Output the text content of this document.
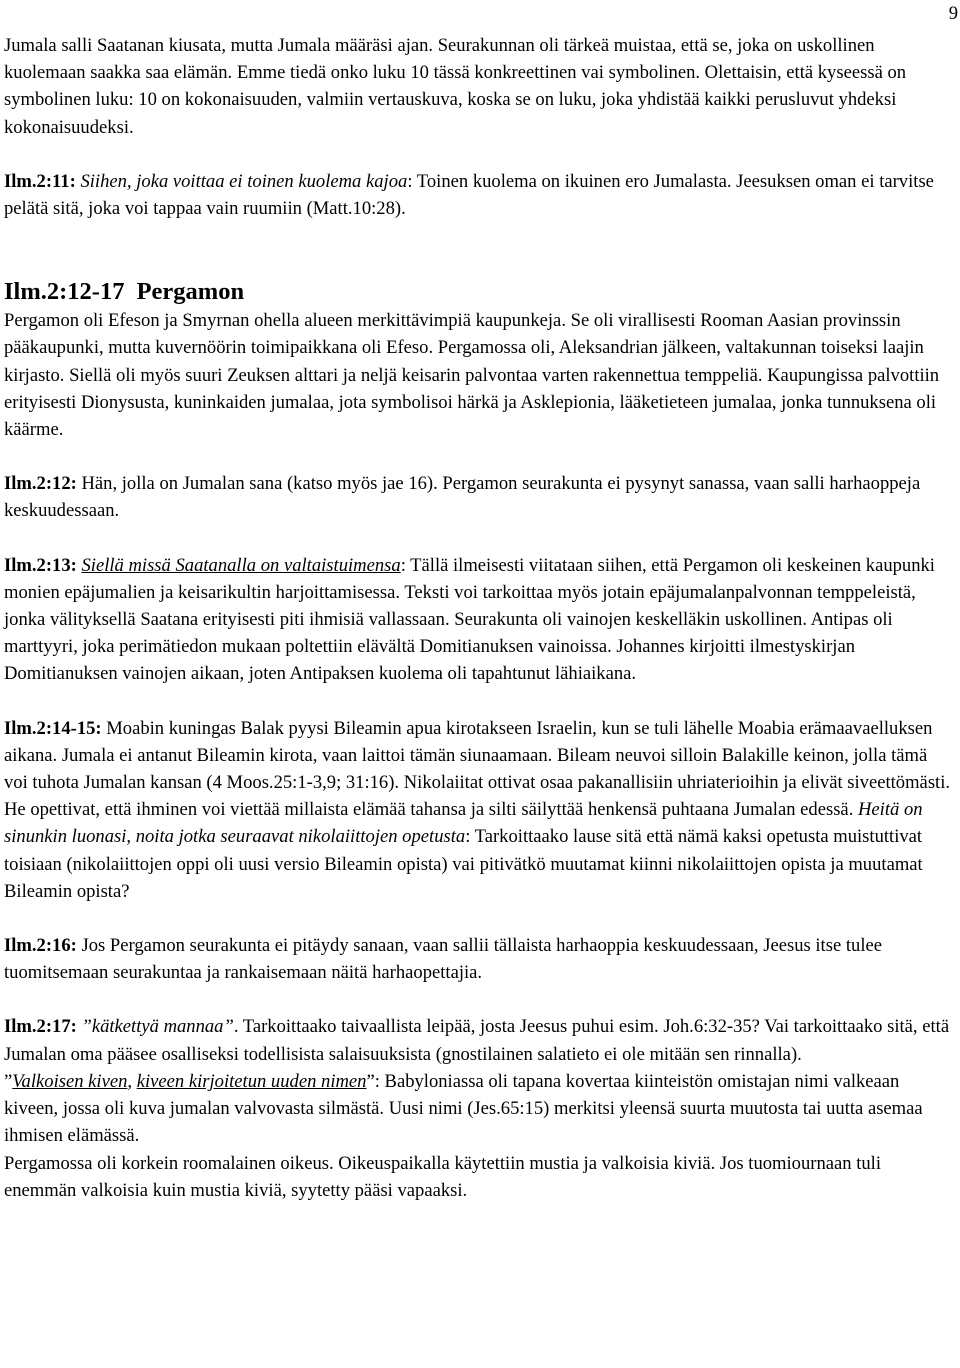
9

Jumala salli Saatanan kiusata, mutta Jumala määräsi ajan. Seurakunnan oli tärkeä muistaa, että se, joka on uskollinen kuolemaan saakka saa elämän. Emme tiedä onko luku 10 tässä konkreettinen vai symbolinen. Olettaisin, että kyseessä on symbolinen luku: 10 on kokonaisuuden, valmiin vertauskuva, koska se on luku, joka yhdistää kaikki perusluvut yhdeksi kokonaisuudeksi.

Ilm.2:11: Siihen, joka voittaa ei toinen kuolema kajoa: Toinen kuolema on ikuinen ero Jumalasta. Jeesuksen oman ei tarvitse pelätä sitä, joka voi tappaa vain ruumiin (Matt.10:28).

Ilm.2:12-17 Pergamon

Pergamon oli Efeson ja Smyrnan ohella alueen merkittävimpiä kaupunkeja. Se oli virallisesti Rooman Aasian provinssin pääkaupunki, mutta kuvernöörin toimipaikkana oli Efeso. Pergamossa oli, Aleksandrian jälkeen, valtakunnan toiseksi laajin kirjasto. Siellä oli myös suuri Zeuksen alttari ja neljä keisarin palvontaa varten rakennettua temppeliä. Kaupungissa palvottiin erityisesti Dionysusta, kuninkaiden jumalaa, jota symbolisoi härkä ja Asklepionia, lääketieteen jumalaa, jonka tunnuksena oli käärme.

Ilm.2:12: Hän, jolla on Jumalan sana (katso myös jae 16). Pergamon seurakunta ei pysynyt sanassa, vaan salli harhaoppeja keskuudessaan.

Ilm.2:13: Siellä missä Saatanalla on valtaistuimensa: Tällä ilmeisesti viitataan siihen, että Pergamon oli keskeinen kaupunki monien epäjumalien ja keisarikultin harjoittamisessa. Teksti voi tarkoittaa myös jotain epäjumalanpalvonnan temppeleistä, jonka välityksellä Saatana erityisesti piti ihmisiä vallassaan. Seurakunta oli vainojen keskelläkin uskollinen. Antipas oli marttyyri, joka perimätiedon mukaan poltettiin elävältä Domitianuksen vainoissa. Johannes kirjoitti ilmestyskirjan Domitianuksen vainojen aikaan, joten Antipaksen kuolema oli tapahtunut lähiaikana.

Ilm.2:14-15: Moabin kuningas Balak pyysi Bileamin apua kirotakseen Israelin, kun se tuli lähelle Moabia erämaavaelluksen aikana. Jumala ei antanut Bileamin kirota, vaan laittoi tämän siunaamaan. Bileam neuvoi silloin Balakille keinon, jolla tämä voi tuhota Jumalan kansan (4 Moos.25:1-3,9; 31:16). Nikolaiitat ottivat osaa pakanallisiin uhriaterioihin ja elivät siveettömästi. He opettivat, että ihminen voi viettää millaista elämää tahansa ja silti säilyttää henkensä puhtaana Jumalan edessä. Heitä on sinunkin luonasi, noita jotka seuraavat nikolaiittojen opetusta: Tarkoittaako lause sitä että nämä kaksi opetusta muistuttivat toisiaan (nikolaiittojen oppi oli uusi versio Bileamin opista) vai pitivätkö muutamat kiinni nikolaiittojen opista ja muutamat Bileamin opista?

Ilm.2:16: Jos Pergamon seurakunta ei pitäydy sanaan, vaan sallii tällaista harhaoppia keskuudessaan, Jeesus itse tulee tuomitsemaan seurakuntaa ja rankaisemaan näitä harhaopettajia.

Ilm.2:17: ”kätkettyä mannaa”. Tarkoittaako taivaallista leipää, josta Jeesus puhui esim. Joh.6:32-35? Vai tarkoittaako sitä, että Jumalan oma pääsee osalliseksi todellisista salaisuuksista (gnostilainen salatieto ei ole mitään sen rinnalla).

”Valkoisen kiven, kiveen kirjoitetun uuden nimen”: Babyloniassa oli tapana kovertaa kiinteistön omistajan nimi valkeaan kiveen, jossa oli kuva jumalan valvovasta silmästä. Uusi nimi (Jes.65:15) merkitsi yleensä suurta muutosta tai uutta asemaa ihmisen elämässä.

Pergamossa oli korkein roomalainen oikeus. Oikeuspaikalla käytettiin mustia ja valkoisia kiviä. Jos tuomiournaan tuli enemmän valkoisia kuin mustia kiviä, syytetty pääsi vapaaksi.
